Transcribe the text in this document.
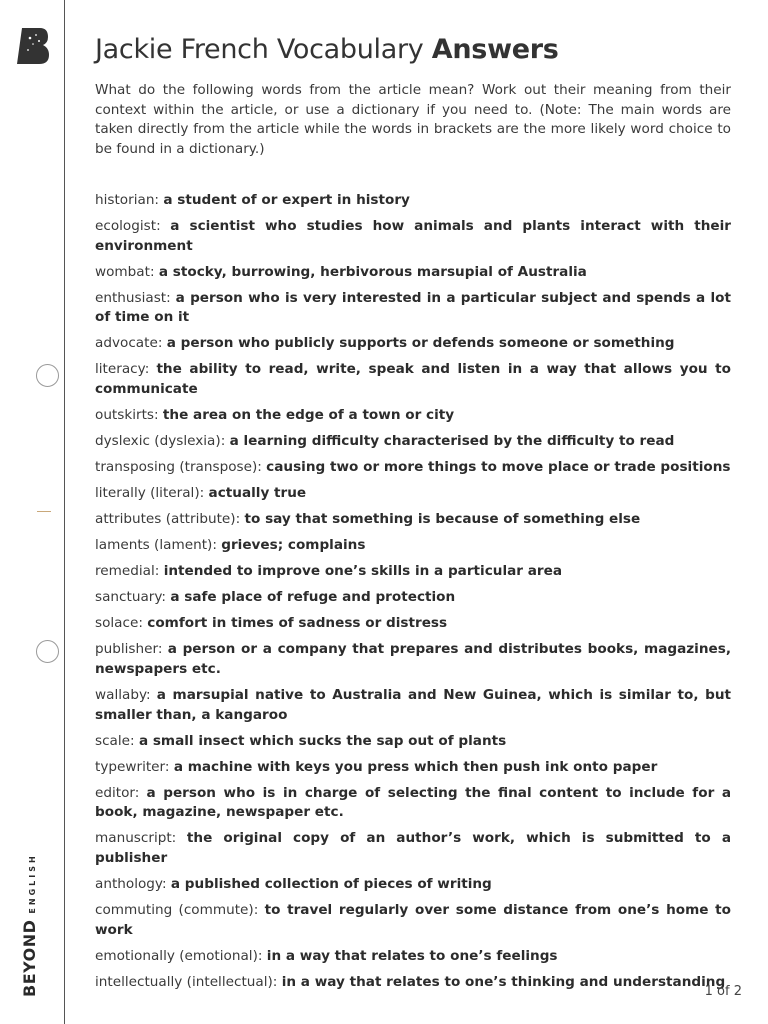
BEYONDENGLISH
Jackie French Vocabulary Answers

What do the following words from the article mean? Work out their meaning from their context within the article, or use a dictionary if you need to. (Note: The main words are taken directly from the article while the words in brackets are the more likely word choice to be found in a dictionary.)

historian: a student of or expert in history
ecologist: a scientist who studies how animals and plants interact with their environment
wombat: a stocky, burrowing, herbivorous marsupial of Australia
enthusiast: a person who is very interested in a particular subject and spends a lot of time on it
advocate: a person who publicly supports or defends someone or something
literacy: the ability to read, write, speak and listen in a way that allows you to communicate
outskirts: the area on the edge of a town or city
dyslexic (dyslexia): a learning difficulty characterised by the difficulty to read
transposing (transpose): causing two or more things to move place or trade positions
literally (literal): actually true
attributes (attribute): to say that something is because of something else
laments (lament): grieves; complains
remedial: intended to improve one’s skills in a particular area
sanctuary: a safe place of refuge and protection
solace: comfort in times of sadness or distress
publisher: a person or a company that prepares and distributes books, magazines, newspapers etc.
wallaby: a marsupial native to Australia and New Guinea, which is similar to, but smaller than, a kangaroo
scale: a small insect which sucks the sap out of plants
typewriter: a machine with keys you press which then push ink onto paper
editor: a person who is in charge of selecting the final content to include for a book, magazine, newspaper etc.
manuscript: the original copy of an author’s work, which is submitted to a publisher
anthology: a published collection of pieces of writing
commuting (commute): to travel regularly over some distance from one’s home to work
emotionally (emotional): in a way that relates to one’s feelings
intellectually (intellectual): in a way that relates to one’s thinking and understanding
1 of 2
